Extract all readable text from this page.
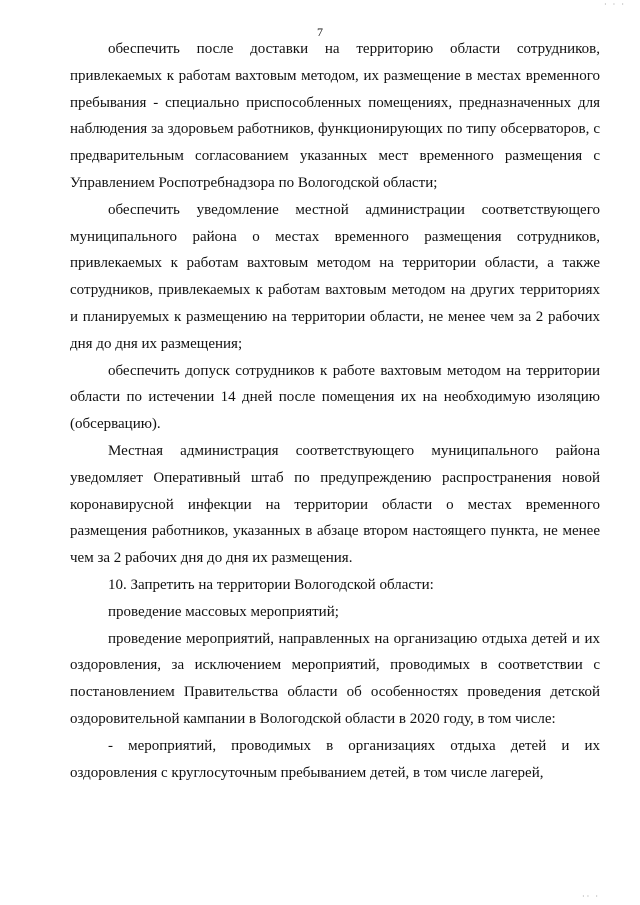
· · ·
7

обеспечить после доставки на территорию области сотрудников, привлекаемых к работам вахтовым методом, их размещение в местах временного пребывания - специально приспособленных помещениях, предназначенных для наблюдения за здоровьем работников, функционирующих по типу обсерваторов, с предварительным согласованием указанных мест временного размещения с Управлением Роспотребнадзора по Вологодской области;

обеспечить уведомление местной администрации соответствующего муниципального района о местах временного размещения сотрудников, привлекаемых к работам вахтовым методом на территории области, а также сотрудников, привлекаемых к работам вахтовым методом на других территориях и планируемых к размещению на территории области, не менее чем за 2 рабочих дня до дня их размещения;

обеспечить допуск сотрудников к работе вахтовым методом на территории области по истечении 14 дней после помещения их на необходимую изоляцию (обсервацию).

Местная администрация соответствующего муниципального района уведомляет Оперативный штаб по предупреждению распространения новой коронавирусной инфекции на территории области о местах временного размещения работников, указанных в абзаце втором настоящего пункта, не менее чем за 2 рабочих дня до дня их размещения.

10. Запретить на территории Вологодской области:

проведение массовых мероприятий;

проведение мероприятий, направленных на организацию отдыха детей и их оздоровления, за исключением мероприятий, проводимых в соответствии с постановлением Правительства области об особенностях проведения детской оздоровительной кампании в Вологодской области в 2020 году, в том числе:

- мероприятий, проводимых в организациях отдыха детей и их оздоровления с круглосуточным пребыванием детей, в том числе лагерей,

·· ·
